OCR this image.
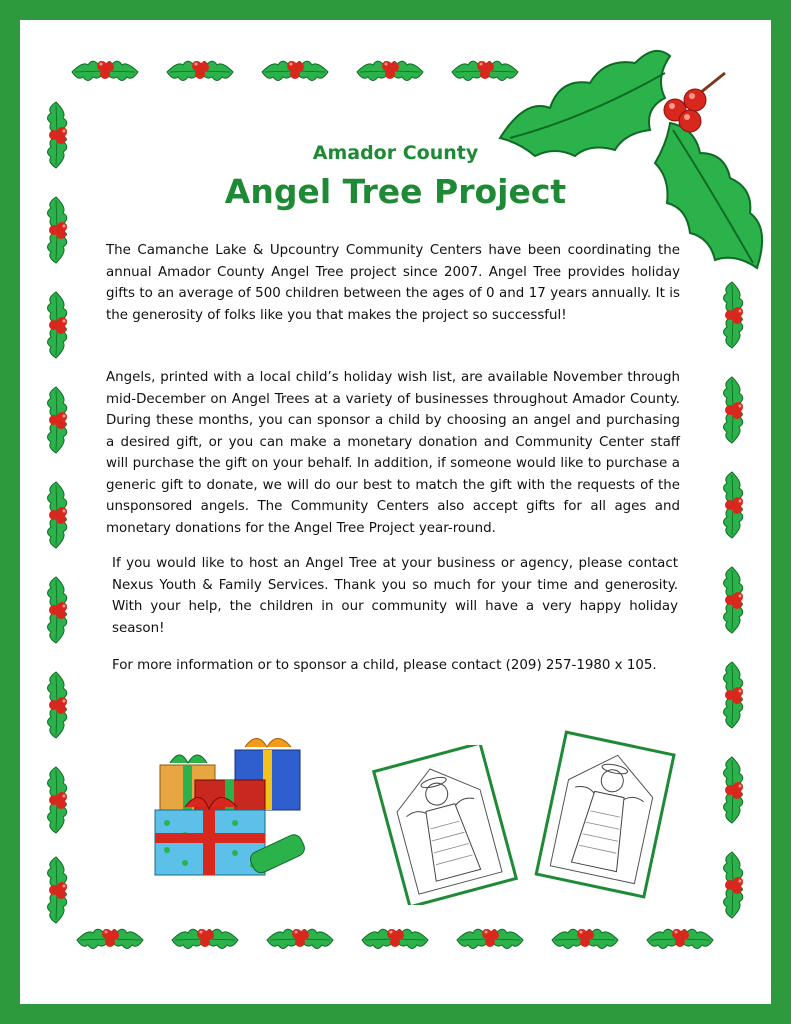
Amador County
Angel Tree Project

The Camanche Lake & Upcountry Community Centers have been coordinating the annual Amador County Angel Tree project since 2007. Angel Tree provides holiday gifts to an average of 500 children between the ages of 0 and 17 years annually. It is the generosity of folks like you that makes the project so successful!

Angels, printed with a local child’s holiday wish list, are available November through mid-December on Angel Trees at a variety of businesses throughout Amador County. During these months, you can sponsor a child by choosing an angel and purchasing a desired gift, or you can make a monetary donation and Community Center staff will purchase the gift on your behalf. In addition, if someone would like to purchase a generic gift to donate, we will do our best to match the gift with the requests of the unsponsored angels. The Community Centers also accept gifts for all ages and monetary donations for the Angel Tree Project year-round.

If you would like to host an Angel Tree at your business or agency, please contact Nexus Youth & Family Services. Thank you so much for your time and generosity. With your help, the children in our community will have a very happy holiday season!

For more information or to sponsor a child, please contact (209) 257-1980 x 105.
